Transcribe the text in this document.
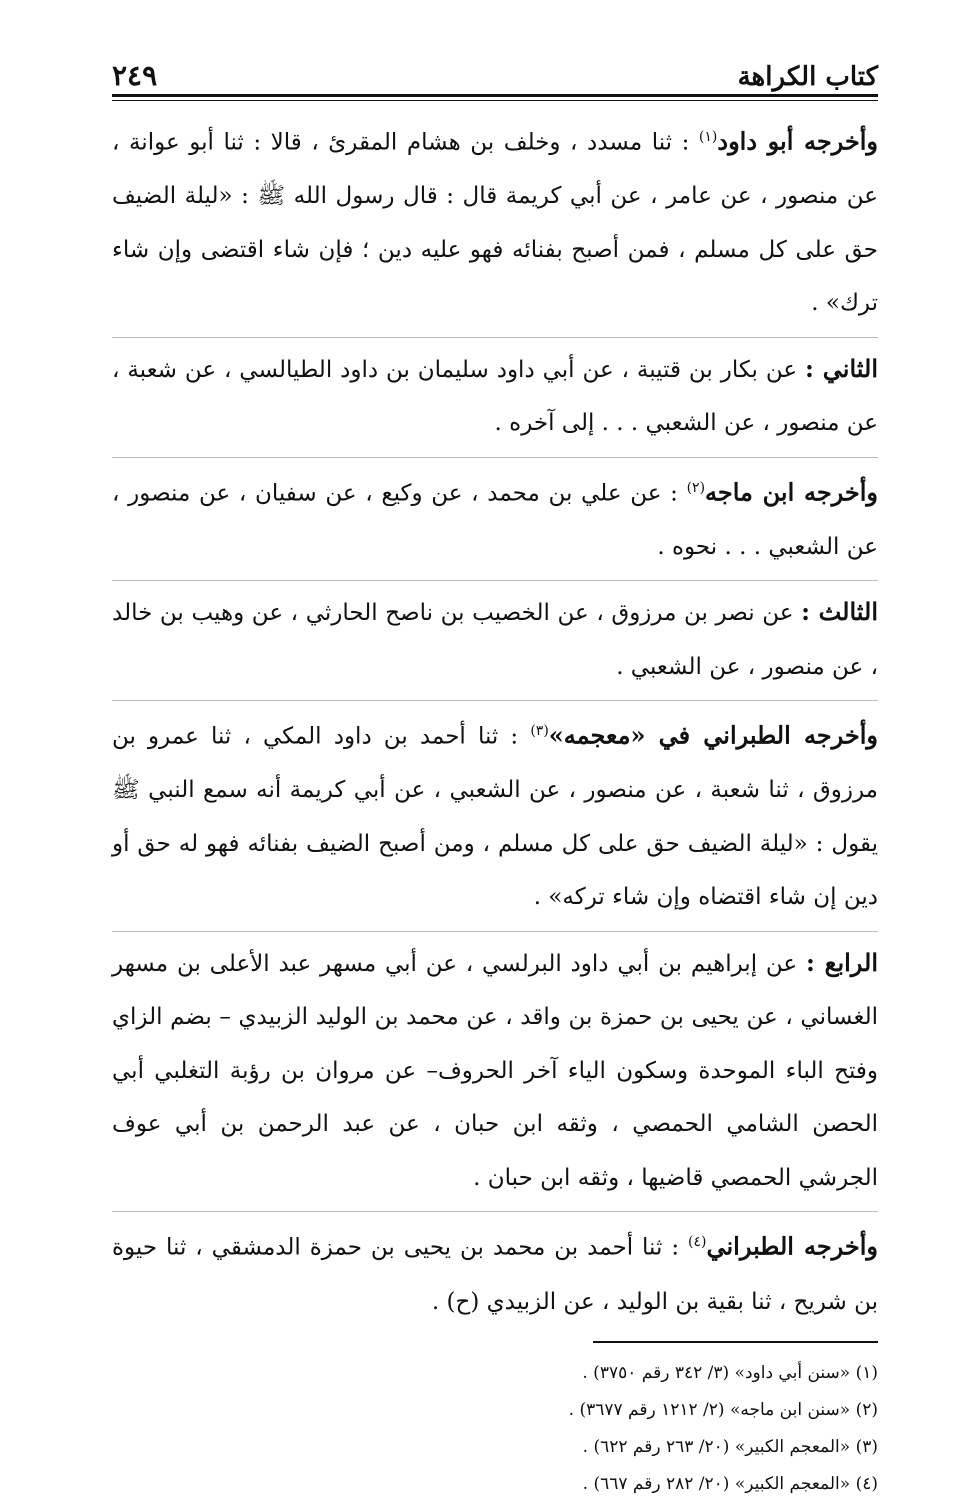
كتاب الكراهة
٢٤٩

وأخرجه أبو داود$^{(١)}$ : ثنا مسدد ، وخلف بن هشام المقرئ ، قالا : ثنا أبو عوانة ، عن منصور ، عن عامر ، عن أبي كريمة قال : قال رسول الله ﷺ : «ليلة الضيف حق على كل مسلم ، فمن أصبح بفنائه فهو عليه دين ؛ فإن شاء اقتضى وإن شاء ترك» .

الثاني : عن بكار بن قتيبة ، عن أبي داود سليمان بن داود الطيالسي ، عن شعبة ، عن منصور ، عن الشعبي . . . إلى آخره .

وأخرجه ابن ماجه$^{(٢)}$ : عن علي بن محمد ، عن وكيع ، عن سفيان ، عن منصور ، عن الشعبي . . . نحوه .

الثالث : عن نصر بن مرزوق ، عن الخصيب بن ناصح الحارثي ، عن وهيب بن خالد ، عن منصور ، عن الشعبي .

وأخرجه الطبراني في «معجمه»$^{(٣)}$ : ثنا أحمد بن داود المكي ، ثنا عمرو بن مرزوق ، ثنا شعبة ، عن منصور ، عن الشعبي ، عن أبي كريمة أنه سمع النبي ﷺ يقول : «ليلة الضيف حق على كل مسلم ، ومن أصبح الضيف بفنائه فهو له حق أو دين إن شاء اقتضاه وإن شاء تركه» .

الرابع : عن إبراهيم بن أبي داود البرلسي ، عن أبي مسهر عبد الأعلى بن مسهر الغساني ، عن يحيى بن حمزة بن واقد ، عن محمد بن الوليد الزبيدي – بضم الزاي وفتح الباء الموحدة وسكون الياء آخر الحروف– عن مروان بن رؤبة التغلبي أبي الحصن الشامي الحمصي ، وثقه ابن حبان ، عن عبد الرحمن بن أبي عوف الجرشي الحمصي قاضيها ، وثقه ابن حبان .

وأخرجه الطبراني$^{(٤)}$ : ثنا أحمد بن محمد بن يحيى بن حمزة الدمشقي ، ثنا حيوة بن شريح ، ثنا بقية بن الوليد ، عن الزبيدي (ح) .

(١) «سنن أبي داود» (٣/ ٣٤٢ رقم ٣٧٥٠) .
(٢) «سنن ابن ماجه» (٢/ ١٢١٢ رقم ٣٦٧٧) .
(٣) «المعجم الكبير» (٢٠/ ٢٦٣ رقم ٦٢٢) .
(٤) «المعجم الكبير» (٢٠/ ٢٨٢ رقم ٦٦٧) .
